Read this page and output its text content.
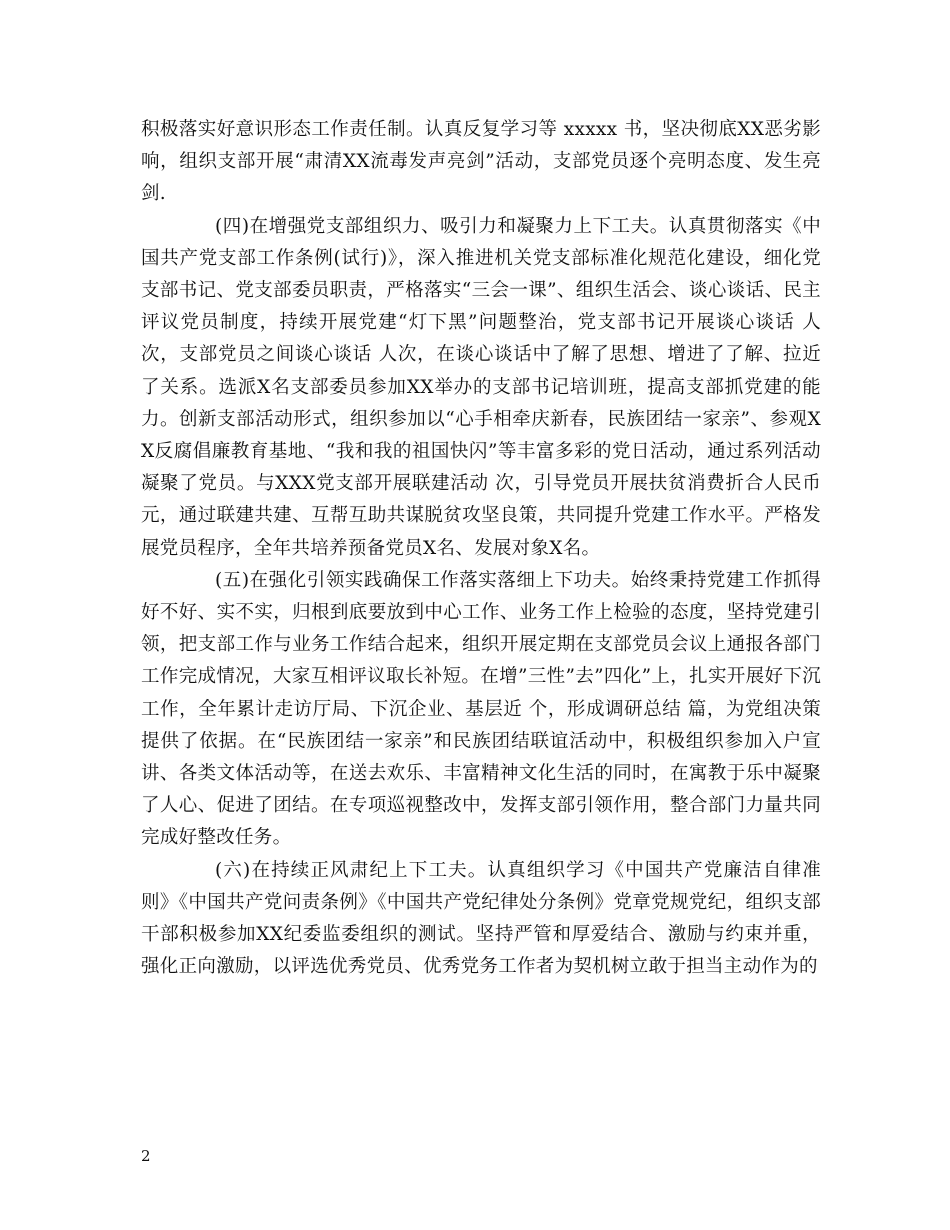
积极落实好意识形态工作责任制。认真反复学习等 xxxxx 书，坚决彻底XX恶劣影响，组织支部开展“肃清XX流毒发声亮剑”活动，支部党员逐个亮明态度、发生亮剑.

(四)在增强党支部组织力、吸引力和凝聚力上下工夫。认真贯彻落实《中国共产党支部工作条例(试行)》，深入推进机关党支部标准化规范化建设，细化党支部书记、党支部委员职责，严格落实“三会一课”、组织生活会、谈心谈话、民主评议党员制度，持续开展党建“灯下黑”问题整治，党支部书记开展谈心谈话 人次，支部党员之间谈心谈话 人次，在谈心谈话中了解了思想、增进了了解、拉近了关系。选派X名支部委员参加XX举办的支部书记培训班，提高支部抓党建的能力。创新支部活动形式，组织参加以“心手相牵庆新春，民族团结一家亲”、参观XX反腐倡廉教育基地、“我和我的祖国快闪”等丰富多彩的党日活动，通过系列活动凝聚了党员。与XXX党支部开展联建活动 次，引导党员开展扶贫消费折合人民币 元，通过联建共建、互帮互助共谋脱贫攻坚良策，共同提升党建工作水平。严格发展党员程序，全年共培养预备党员X名、发展对象X名。

(五)在强化引领实践确保工作落实落细上下功夫。始终秉持党建工作抓得好不好、实不实，归根到底要放到中心工作、业务工作上检验的态度，坚持党建引领，把支部工作与业务工作结合起来，组织开展定期在支部党员会议上通报各部门工作完成情况，大家互相评议取长补短。在增”三性”去”四化”上，扎实开展好下沉工作，全年累计走访厅局、下沉企业、基层近 个，形成调研总结 篇，为党组决策提供了依据。在“民族团结一家亲”和民族团结联谊活动中，积极组织参加入户宣讲、各类文体活动等，在送去欢乐、丰富精神文化生活的同时，在寓教于乐中凝聚了人心、促进了团结。在专项巡视整改中，发挥支部引领作用，整合部门力量共同完成好整改任务。

(六)在持续正风肃纪上下工夫。认真组织学习《中国共产党廉洁自律准则》《中国共产党问责条例》《中国共产党纪律处分条例》党章党规党纪，组织支部干部积极参加XX纪委监委组织的测试。坚持严管和厚爱结合、激励与约束并重，强化正向激励，以评选优秀党员、优秀党务工作者为契机树立敢于担当主动作为的

2
